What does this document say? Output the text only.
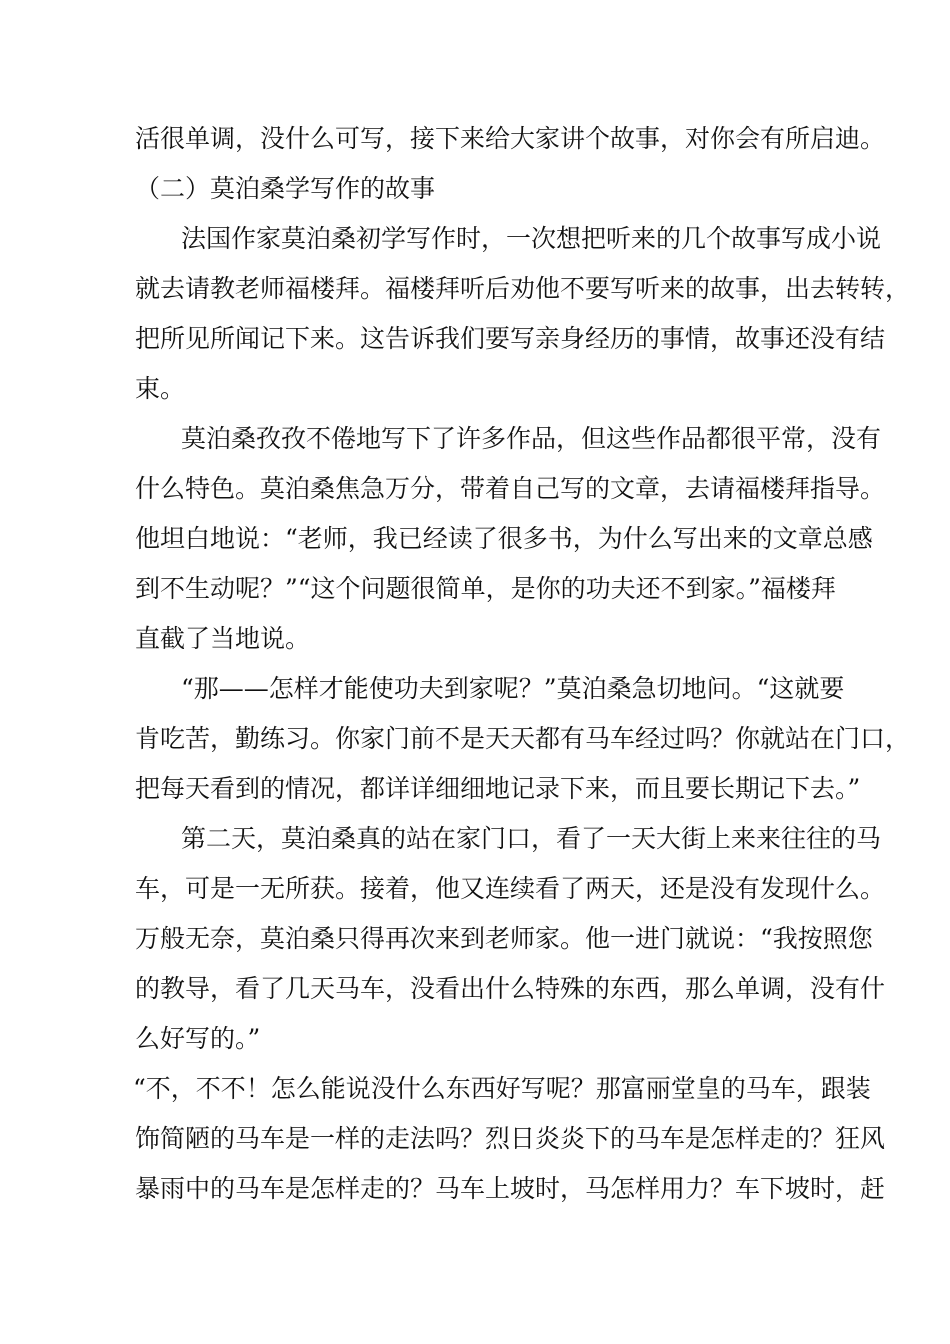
活很单调，没什么可写，接下来给大家讲个故事，对你会有所启迪。

（二）莫泊桑学写作的故事

法国作家莫泊桑初学写作时，一次想把听来的几个故事写成小说

就去请教老师福楼拜。福楼拜听后劝他不要写听来的故事，出去转转，

把所见所闻记下来。这告诉我们要写亲身经历的事情，故事还没有结

束。

莫泊桑孜孜不倦地写下了许多作品，但这些作品都很平常，没有

什么特色。莫泊桑焦急万分，带着自己写的文章，去请福楼拜指导。

他坦白地说：“老师，我已经读了很多书，为什么写出来的文章总感

到不生动呢？”“这个问题很简单，是你的功夫还不到家。”福楼拜

直截了当地说。

“那——怎样才能使功夫到家呢？”莫泊桑急切地问。“这就要

肯吃苦，勤练习。你家门前不是天天都有马车经过吗？你就站在门口，

把每天看到的情况，都详详细细地记录下来，而且要长期记下去。”

第二天，莫泊桑真的站在家门口，看了一天大街上来来往往的马

车，可是一无所获。接着，他又连续看了两天，还是没有发现什么。

万般无奈，莫泊桑只得再次来到老师家。他一进门就说：“我按照您

的教导，看了几天马车，没看出什么特殊的东西，那么单调，没有什

么好写的。”

“不，不不！怎么能说没什么东西好写呢？那富丽堂皇的马车，跟装

饰简陋的马车是一样的走法吗？烈日炎炎下的马车是怎样走的？狂风

暴雨中的马车是怎样走的？马车上坡时，马怎样用力？车下坡时，赶
